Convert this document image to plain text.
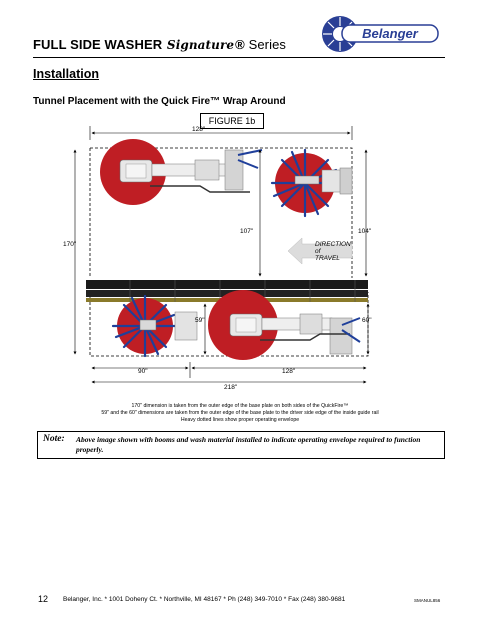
FULL SIDE WASHER Signature® Series
Belanger
Installation
Tunnel Placement with the Quick Fire™ Wrap Around
FIGURE 1b
DIRECTION
of
TRAVEL
128"
107"	104"
170"
59"	60"
90"	128"
218"
170" dimension is taken from the outer edge of the base plate on both sides of the QuickFire™
59" and the 60" dimensions are taken from the outer edge of the base plate to the driver side edge of the inside guide rail
Heavy dotted lines show proper operating envelope
Note: Above image shown with booms and wash material installed to indicate operating envelope required to function properly.
12 Belanger, Inc. * 1001 Doheny Ct. * Northville, MI 48167 * Ph (248) 349-7010 * Fax (248) 380-9681	SMANUL856
